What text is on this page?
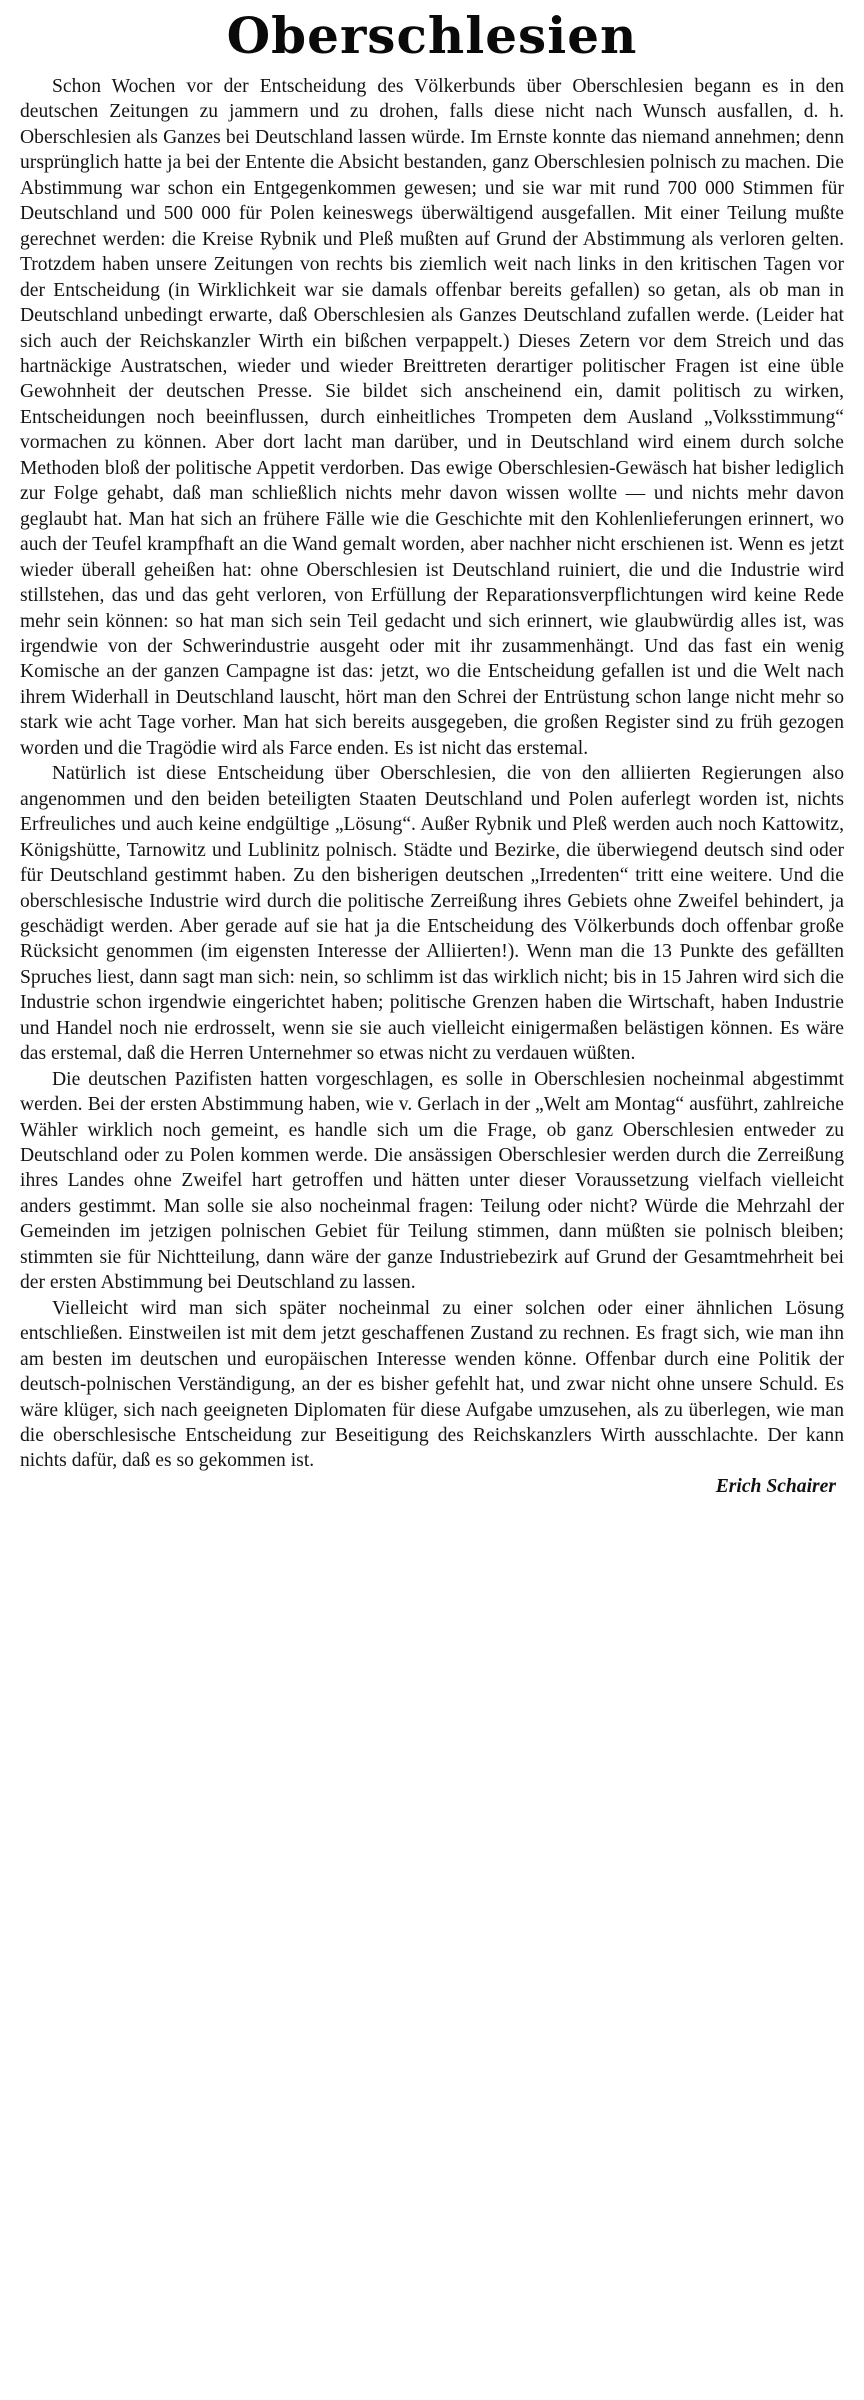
Oberschlesien

Schon Wochen vor der Entscheidung des Völkerbunds über Oberschlesien begann es in den deutschen Zeitungen zu jammern und zu drohen, falls diese nicht nach Wunsch ausfallen, d. h. Oberschlesien als Ganzes bei Deutschland lassen würde. Im Ernste konnte das niemand annehmen; denn ursprünglich hatte ja bei der Entente die Absicht bestanden, ganz Oberschlesien polnisch zu machen. Die Abstimmung war schon ein Entgegenkommen gewesen; und sie war mit rund 700 000 Stimmen für Deutschland und 500 000 für Polen keineswegs überwältigend ausgefallen. Mit einer Teilung mußte gerechnet werden: die Kreise Rybnik und Pleß mußten auf Grund der Abstimmung als verloren gelten. Trotzdem haben unsere Zeitungen von rechts bis ziemlich weit nach links in den kritischen Tagen vor der Entscheidung (in Wirklichkeit war sie damals offenbar bereits gefallen) so getan, als ob man in Deutschland unbedingt erwarte, daß Oberschlesien als Ganzes Deutschland zufallen werde. (Leider hat sich auch der Reichskanzler Wirth ein bißchen verpappelt.) Dieses Zetern vor dem Streich und das hartnäckige Austratschen, wieder und wieder Breittreten derartiger politischer Fragen ist eine üble Gewohnheit der deutschen Presse. Sie bildet sich anscheinend ein, damit politisch zu wirken, Entscheidungen noch beeinflussen, durch einheitliches Trompeten dem Ausland „Volksstimmung“ vormachen zu können. Aber dort lacht man darüber, und in Deutschland wird einem durch solche Methoden bloß der politische Appetit verdorben. Das ewige Oberschlesien-Gewäsch hat bisher lediglich zur Folge gehabt, daß man schließlich nichts mehr davon wissen wollte — und nichts mehr davon geglaubt hat. Man hat sich an frühere Fälle wie die Geschichte mit den Kohlenlieferungen erinnert, wo auch der Teufel krampfhaft an die Wand gemalt worden, aber nachher nicht erschienen ist. Wenn es jetzt wieder überall geheißen hat: ohne Oberschlesien ist Deutschland ruiniert, die und die Industrie wird stillstehen, das und das geht verloren, von Erfüllung der Reparationsverpflichtungen wird keine Rede mehr sein können: so hat man sich sein Teil gedacht und sich erinnert, wie glaubwürdig alles ist, was irgendwie von der Schwerindustrie ausgeht oder mit ihr zusammenhängt. Und das fast ein wenig Komische an der ganzen Campagne ist das: jetzt, wo die Entscheidung gefallen ist und die Welt nach ihrem Widerhall in Deutschland lauscht, hört man den Schrei der Entrüstung schon lange nicht mehr so stark wie acht Tage vorher. Man hat sich bereits ausgegeben, die großen Register sind zu früh gezogen worden und die Tragödie wird als Farce enden. Es ist nicht das erstemal.

Natürlich ist diese Entscheidung über Oberschlesien, die von den alliierten Regierungen also angenommen und den beiden beteiligten Staaten Deutschland und Polen auferlegt worden ist, nichts Erfreuliches und auch keine endgültige „Lösung“. Außer Rybnik und Pleß werden auch noch Kattowitz, Königshütte, Tarnowitz und Lublinitz polnisch. Städte und Bezirke, die überwiegend deutsch sind oder für Deutschland gestimmt haben. Zu den bisherigen deutschen „Irredenten“ tritt eine weitere. Und die oberschlesische Industrie wird durch die politische Zerreißung ihres Gebiets ohne Zweifel behindert, ja geschädigt werden. Aber gerade auf sie hat ja die Entscheidung des Völkerbunds doch offenbar große Rücksicht genommen (im eigensten Interesse der Alliierten!). Wenn man die 13 Punkte des gefällten Spruches liest, dann sagt man sich: nein, so schlimm ist das wirklich nicht; bis in 15 Jahren wird sich die Industrie schon irgendwie eingerichtet haben; politische Grenzen haben die Wirtschaft, haben Industrie und Handel noch nie erdrosselt, wenn sie sie auch vielleicht einigermaßen belästigen können. Es wäre das erstemal, daß die Herren Unternehmer so etwas nicht zu verdauen wüßten.

Die deutschen Pazifisten hatten vorgeschlagen, es solle in Oberschlesien nocheinmal abgestimmt werden. Bei der ersten Abstimmung haben, wie v. Gerlach in der „Welt am Montag“ ausführt, zahlreiche Wähler wirklich noch gemeint, es handle sich um die Frage, ob ganz Oberschlesien entweder zu Deutschland oder zu Polen kommen werde. Die ansässigen Oberschlesier werden durch die Zerreißung ihres Landes ohne Zweifel hart getroffen und hätten unter dieser Voraussetzung vielfach vielleicht anders gestimmt. Man solle sie also nocheinmal fragen: Teilung oder nicht? Würde die Mehrzahl der Gemeinden im jetzigen polnischen Gebiet für Teilung stimmen, dann müßten sie polnisch bleiben; stimmten sie für Nichtteilung, dann wäre der ganze Industriebezirk auf Grund der Gesamtmehrheit bei der ersten Abstimmung bei Deutschland zu lassen.

Vielleicht wird man sich später nocheinmal zu einer solchen oder einer ähnlichen Lösung entschließen. Einstweilen ist mit dem jetzt geschaffenen Zustand zu rechnen. Es fragt sich, wie man ihn am besten im deutschen und europäischen Interesse wenden könne. Offenbar durch eine Politik der deutsch-polnischen Verständigung, an der es bisher gefehlt hat, und zwar nicht ohne unsere Schuld. Es wäre klüger, sich nach geeigneten Diplomaten für diese Aufgabe umzusehen, als zu überlegen, wie man die oberschlesische Entscheidung zur Beseitigung des Reichskanzlers Wirth ausschlachte. Der kann nichts dafür, daß es so gekommen ist.

Erich Schairer
